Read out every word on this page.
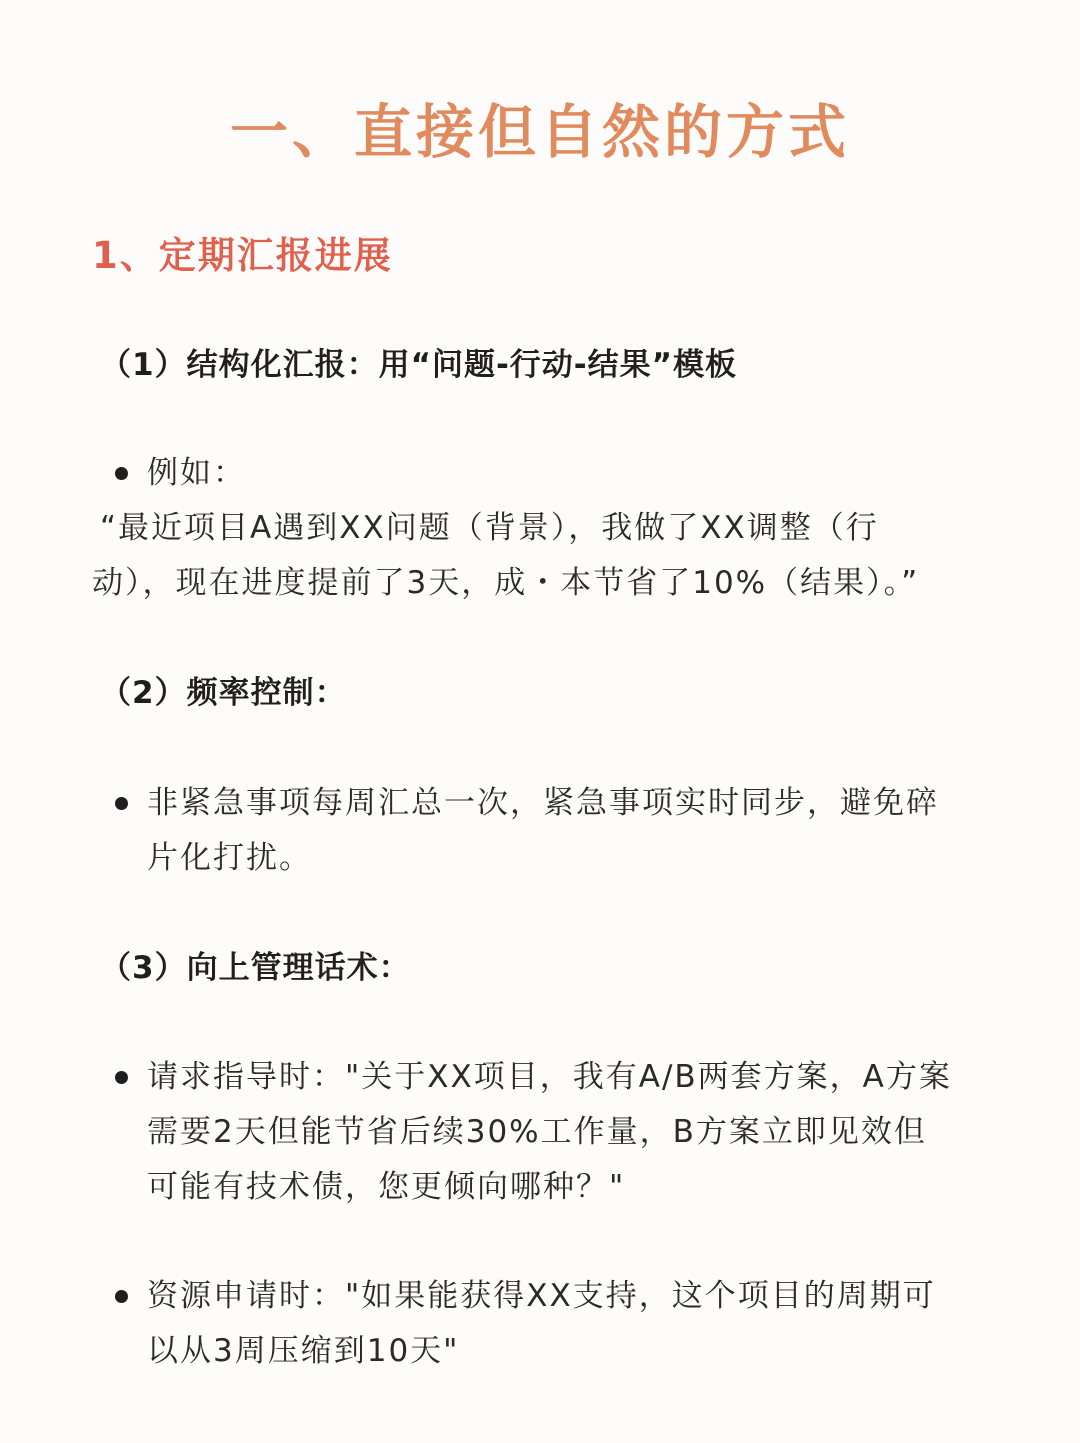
一、直接但自然的方式
1、定期汇报进展
（1）结构化汇报：用“问题-行动-结果”模板
例如：
“最近项目A遇到XX问题（背景），我做了XX调整（行
动），现在进度提前了3天，成・本节省了10%（结果）。”
（2）频率控制：
非紧急事项每周汇总一次，紧急事项实时同步，避免碎
片化打扰。
（3）向上管理话术：
请求指导时："关于XX项目，我有A/B两套方案，A方案
需要2天但能节省后续30%工作量，B方案立即见效但
可能有技术债，您更倾向哪种？"
资源申请时："如果能获得XX支持，这个项目的周期可
以从3周压缩到10天"
